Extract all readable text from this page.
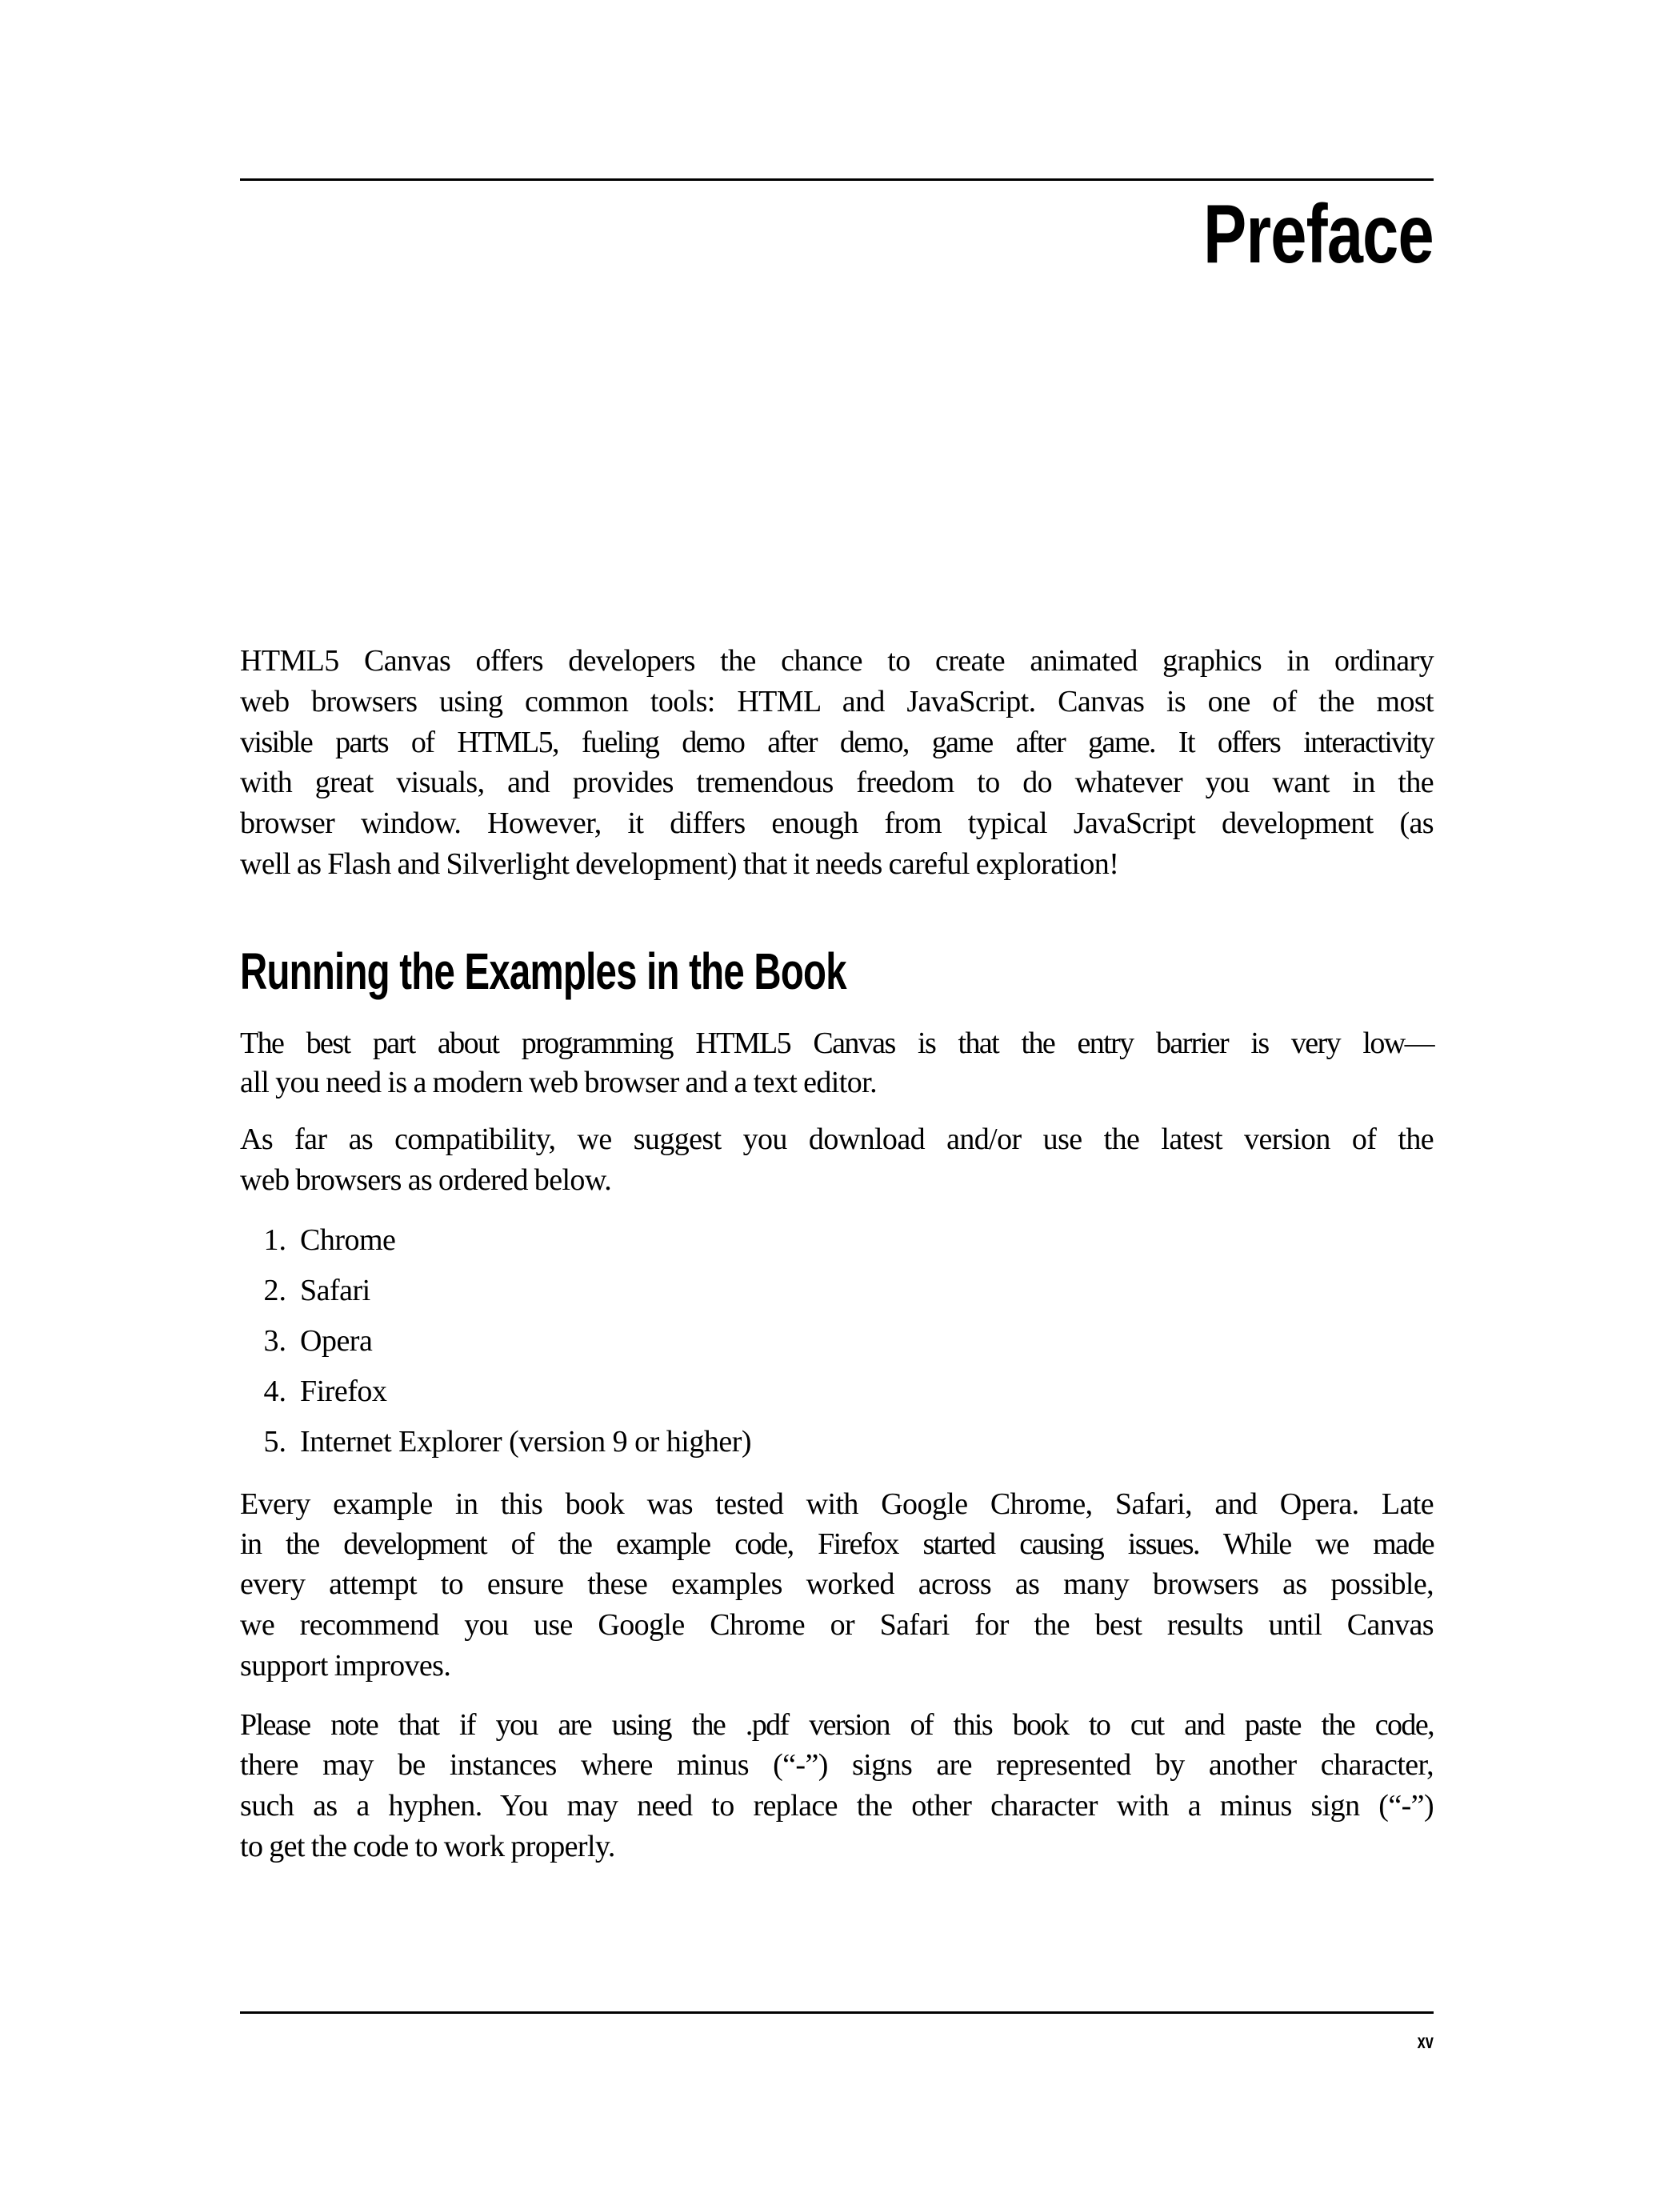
Preface
HTML5 Canvas offers developers the chance to create animated graphics in ordinary
web browsers using common tools: HTML and JavaScript. Canvas is one of the most
visible parts of HTML5, fueling demo after demo, game after game. It offers interactivity
with great visuals, and provides tremendous freedom to do whatever you want in the
browser window. However, it differs enough from typical JavaScript development (as
well as Flash and Silverlight development) that it needs careful exploration!
Running the Examples in the Book
The best part about programming HTML5 Canvas is that the entry barrier is very low—
all you need is a modern web browser and a text editor.
As far as compatibility, we suggest you download and/or use the latest version of the
web browsers as ordered below.
1. Chrome
2. Safari
3. Opera
4. Firefox
5. Internet Explorer (version 9 or higher)
Every example in this book was tested with Google Chrome, Safari, and Opera. Late
in the development of the example code, Firefox started causing issues. While we made
every attempt to ensure these examples worked across as many browsers as possible,
we recommend you use Google Chrome or Safari for the best results until Canvas
support improves.
Please note that if you are using the .pdf version of this book to cut and paste the code,
there may be instances where minus (“-”) signs are represented by another character,
such as a hyphen. You may need to replace the other character with a minus sign (“-”)
to get the code to work properly.
xv
